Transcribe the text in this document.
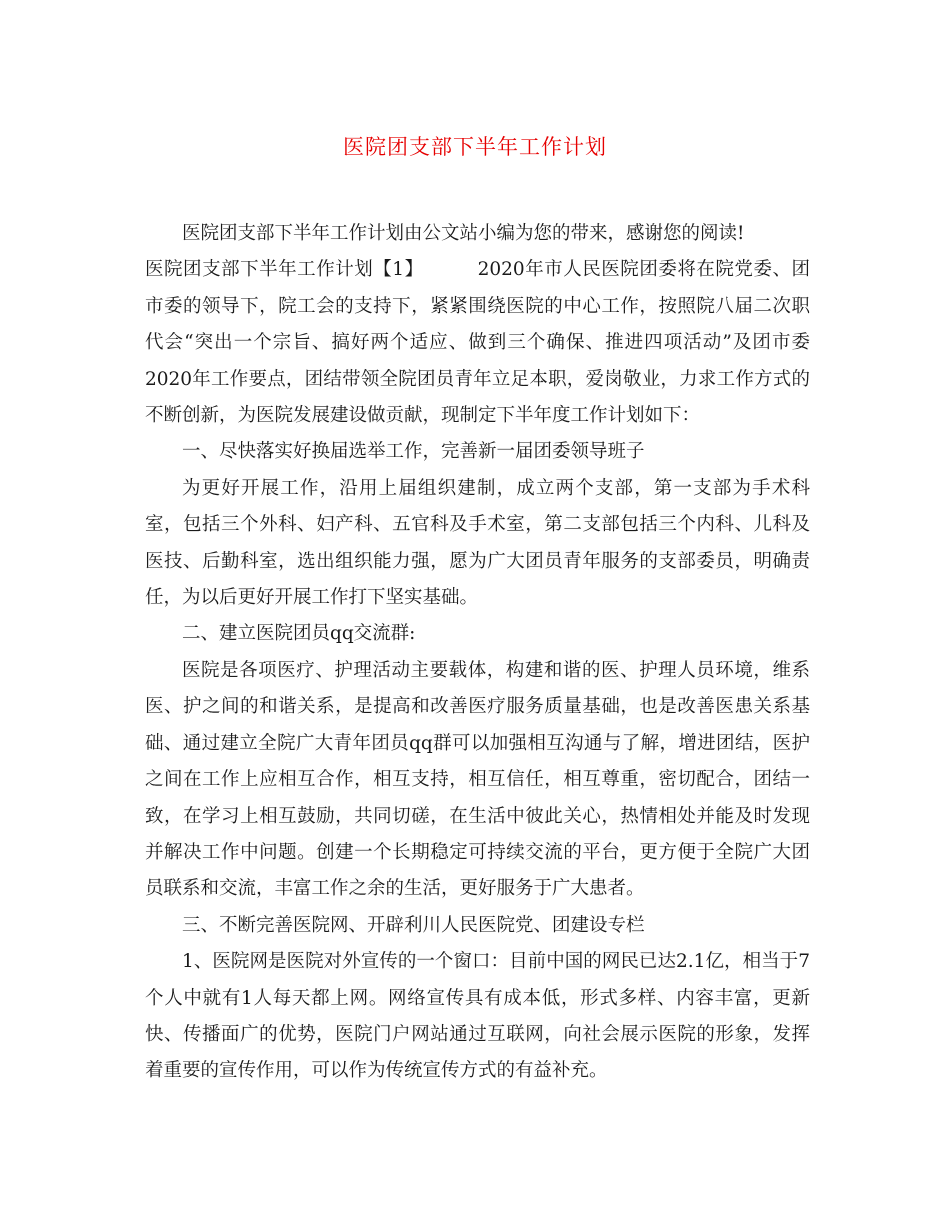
医院团支部下半年工作计划

医院团支部下半年工作计划由公文站小编为您的带来，感谢您的阅读!

医院团支部下半年工作计划【1】	2020年市人民医院团委将在院党委、团市委的领导下，院工会的支持下，紧紧围绕医院的中心工作，按照院八届二次职代会“突出一个宗旨、搞好两个适应、做到三个确保、推进四项活动”及团市委2020年工作要点，团结带领全院团员青年立足本职，爱岗敬业，力求工作方式的不断创新，为医院发展建设做贡献，现制定下半年度工作计划如下：

一、尽快落实好换届选举工作，完善新一届团委领导班子

为更好开展工作，沿用上届组织建制，成立两个支部，第一支部为手术科室，包括三个外科、妇产科、五官科及手术室，第二支部包括三个内科、儿科及医技、后勤科室，选出组织能力强，愿为广大团员青年服务的支部委员，明确责任，为以后更好开展工作打下坚实基础。

二、建立医院团员qq交流群:

医院是各项医疗、护理活动主要载体，构建和谐的医、护理人员环境，维系医、护之间的和谐关系，是提高和改善医疗服务质量基础，也是改善医患关系基础、通过建立全院广大青年团员qq群可以加强相互沟通与了解，增进团结，医护之间在工作上应相互合作，相互支持，相互信任，相互尊重，密切配合，团结一致，在学习上相互鼓励，共同切磋，在生活中彼此关心，热情相处并能及时发现并解决工作中问题。创建一个长期稳定可持续交流的平台，更方便于全院广大团员联系和交流，丰富工作之余的生活，更好服务于广大患者。

三、不断完善医院网、开辟利川人民医院党、团建设专栏

1、医院网是医院对外宣传的一个窗口：目前中国的网民已达2.1亿，相当于7个人中就有1人每天都上网。网络宣传具有成本低，形式多样、内容丰富，更新快、传播面广的优势，医院门户网站通过互联网，向社会展示医院的形象，发挥着重要的宣传作用，可以作为传统宣传方式的有益补充。
